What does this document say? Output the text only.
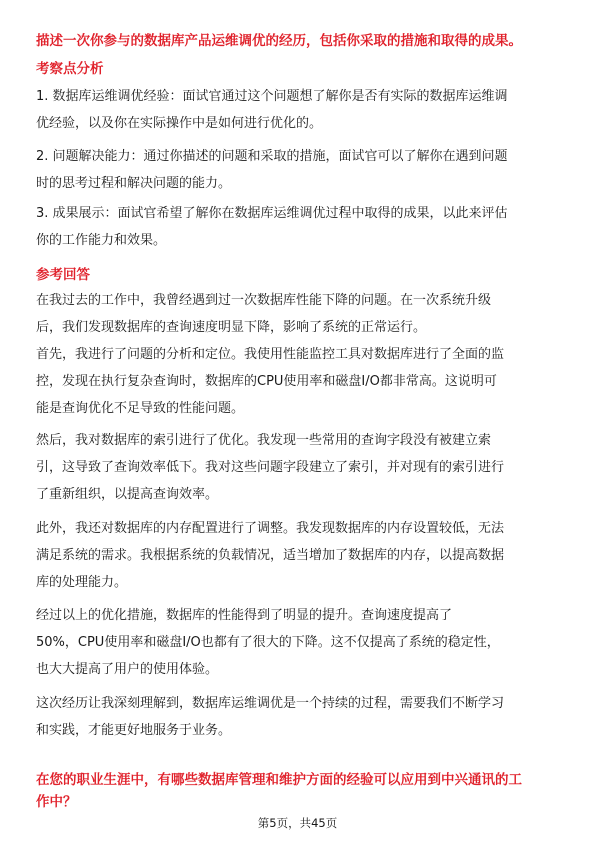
描述一次你参与的数据库产品运维调优的经历，包括你采取的措施和取得的成果。
考察点分析
1. 数据库运维调优经验：面试官通过这个问题想了解你是否有实际的数据库运维调
优经验，以及你在实际操作中是如何进行优化的。
2. 问题解决能力：通过你描述的问题和采取的措施，面试官可以了解你在遇到问题
时的思考过程和解决问题的能力。
3. 成果展示：面试官希望了解你在数据库运维调优过程中取得的成果，以此来评估
你的工作能力和效果。
参考回答
在我过去的工作中，我曾经遇到过一次数据库性能下降的问题。在一次系统升级
后，我们发现数据库的查询速度明显下降，影响了系统的正常运行。
首先，我进行了问题的分析和定位。我使用性能监控工具对数据库进行了全面的监
控，发现在执行复杂查询时，数据库的CPU使用率和磁盘I/O都非常高。这说明可
能是查询优化不足导致的性能问题。
然后，我对数据库的索引进行了优化。我发现一些常用的查询字段没有被建立索
引，这导致了查询效率低下。我对这些问题字段建立了索引，并对现有的索引进行
了重新组织，以提高查询效率。
此外，我还对数据库的内存配置进行了调整。我发现数据库的内存设置较低，无法
满足系统的需求。我根据系统的负载情况，适当增加了数据库的内存，以提高数据
库的处理能力。
经过以上的优化措施，数据库的性能得到了明显的提升。查询速度提高了
50%，CPU使用率和磁盘I/O也都有了很大的下降。这不仅提高了系统的稳定性，
也大大提高了用户的使用体验。
这次经历让我深刻理解到，数据库运维调优是一个持续的过程，需要我们不断学习
和实践，才能更好地服务于业务。
在您的职业生涯中，有哪些数据库管理和维护方面的经验可以应用到中兴通讯的工
作中？
第5页，共45页
